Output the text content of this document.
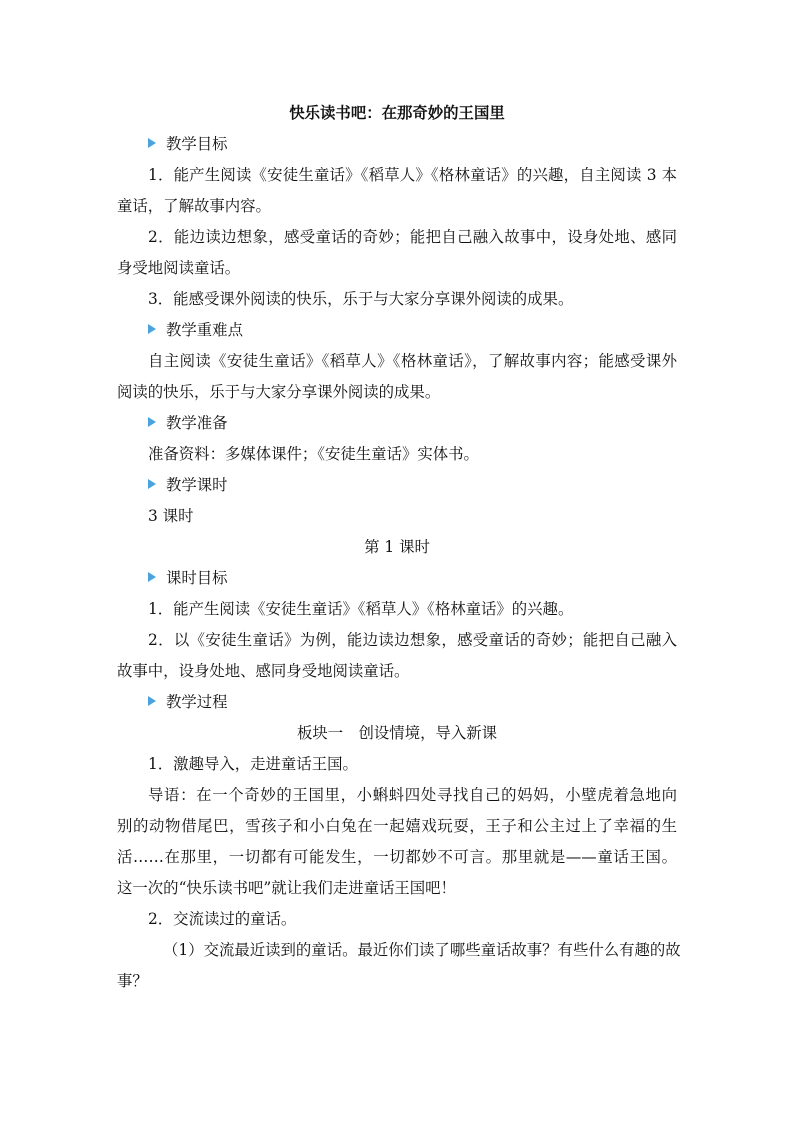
快乐读书吧：在那奇妙的王国里
教学目标
1．能产生阅读《安徒生童话》《稻草人》《格林童话》的兴趣，自主阅读 3 本
童话，了解故事内容。
2．能边读边想象，感受童话的奇妙；能把自己融入故事中，设身处地、感同
身受地阅读童话。
3．能感受课外阅读的快乐，乐于与大家分享课外阅读的成果。
教学重难点
自主阅读《安徒生童话》《稻草人》《格林童话》，了解故事内容；能感受课外
阅读的快乐，乐于与大家分享课外阅读的成果。
教学准备
准备资料：多媒体课件；《安徒生童话》实体书。
教学课时
3 课时
第 1 课时
课时目标
1．能产生阅读《安徒生童话》《稻草人》《格林童话》的兴趣。
2．以《安徒生童话》为例，能边读边想象，感受童话的奇妙；能把自己融入
故事中，设身处地、感同身受地阅读童话。
教学过程
板块一　创设情境，导入新课
1．激趣导入，走进童话王国。
导语：在一个奇妙的王国里，小蝌蚪四处寻找自己的妈妈，小壁虎着急地向
别的动物借尾巴，雪孩子和小白兔在一起嬉戏玩耍，王子和公主过上了幸福的生
活……在那里，一切都有可能发生，一切都妙不可言。那里就是——童话王国。
这一次的“快乐读书吧”就让我们走进童话王国吧！
2．交流读过的童话。
（1）交流最近读到的童话。最近你们读了哪些童话故事？有些什么有趣的故
事？
